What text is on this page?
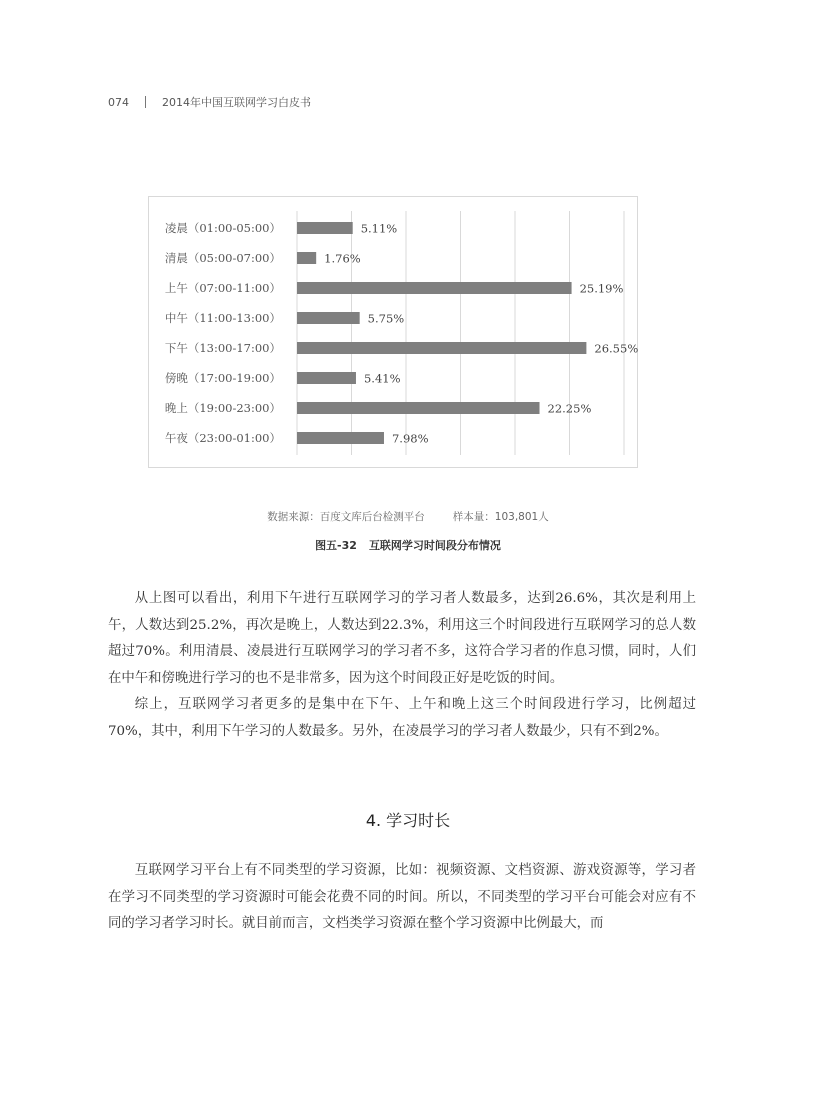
074	2014年中国互联网学习白皮书
凌晨（01:00-05:00）	5.11%
清晨（05:00-07:00）	1.76%
上午（07:00-11:00）	25.19%
中午（11:00-13:00）	5.75%
下午（13:00-17:00）	26.55%
傍晚（17:00-19:00）	5.41%
晚上（19:00-23:00）	22.25%
午夜（23:00-01:00）	7.98%
数据来源：百度文库后台检测平台	样本量：103,801人
图五-32 互联网学习时间段分布情况

从上图可以看出，利用下午进行互联网学习的学习者人数最多，达到26.6%，其次是利用上午，人数达到25.2%，再次是晚上，人数达到22.3%，利用这三个时间段进行互联网学习的总人数超过70%。利用清晨、凌晨进行互联网学习的学习者不多，这符合学习者的作息习惯，同时，人们在中午和傍晚进行学习的也不是非常多，因为这个时间段正好是吃饭的时间。

综上，互联网学习者更多的是集中在下午、上午和晚上这三个时间段进行学习，比例超过70%，其中，利用下午学习的人数最多。另外，在凌晨学习的学习者人数最少，只有不到2%。

4. 学习时长

互联网学习平台上有不同类型的学习资源，比如：视频资源、文档资源、游戏资源等，学习者在学习不同类型的学习资源时可能会花费不同的时间。所以，不同类型的学习平台可能会对应有不同的学习者学习时长。就目前而言，文档类学习资源在整个学习资源中比例最大，而
